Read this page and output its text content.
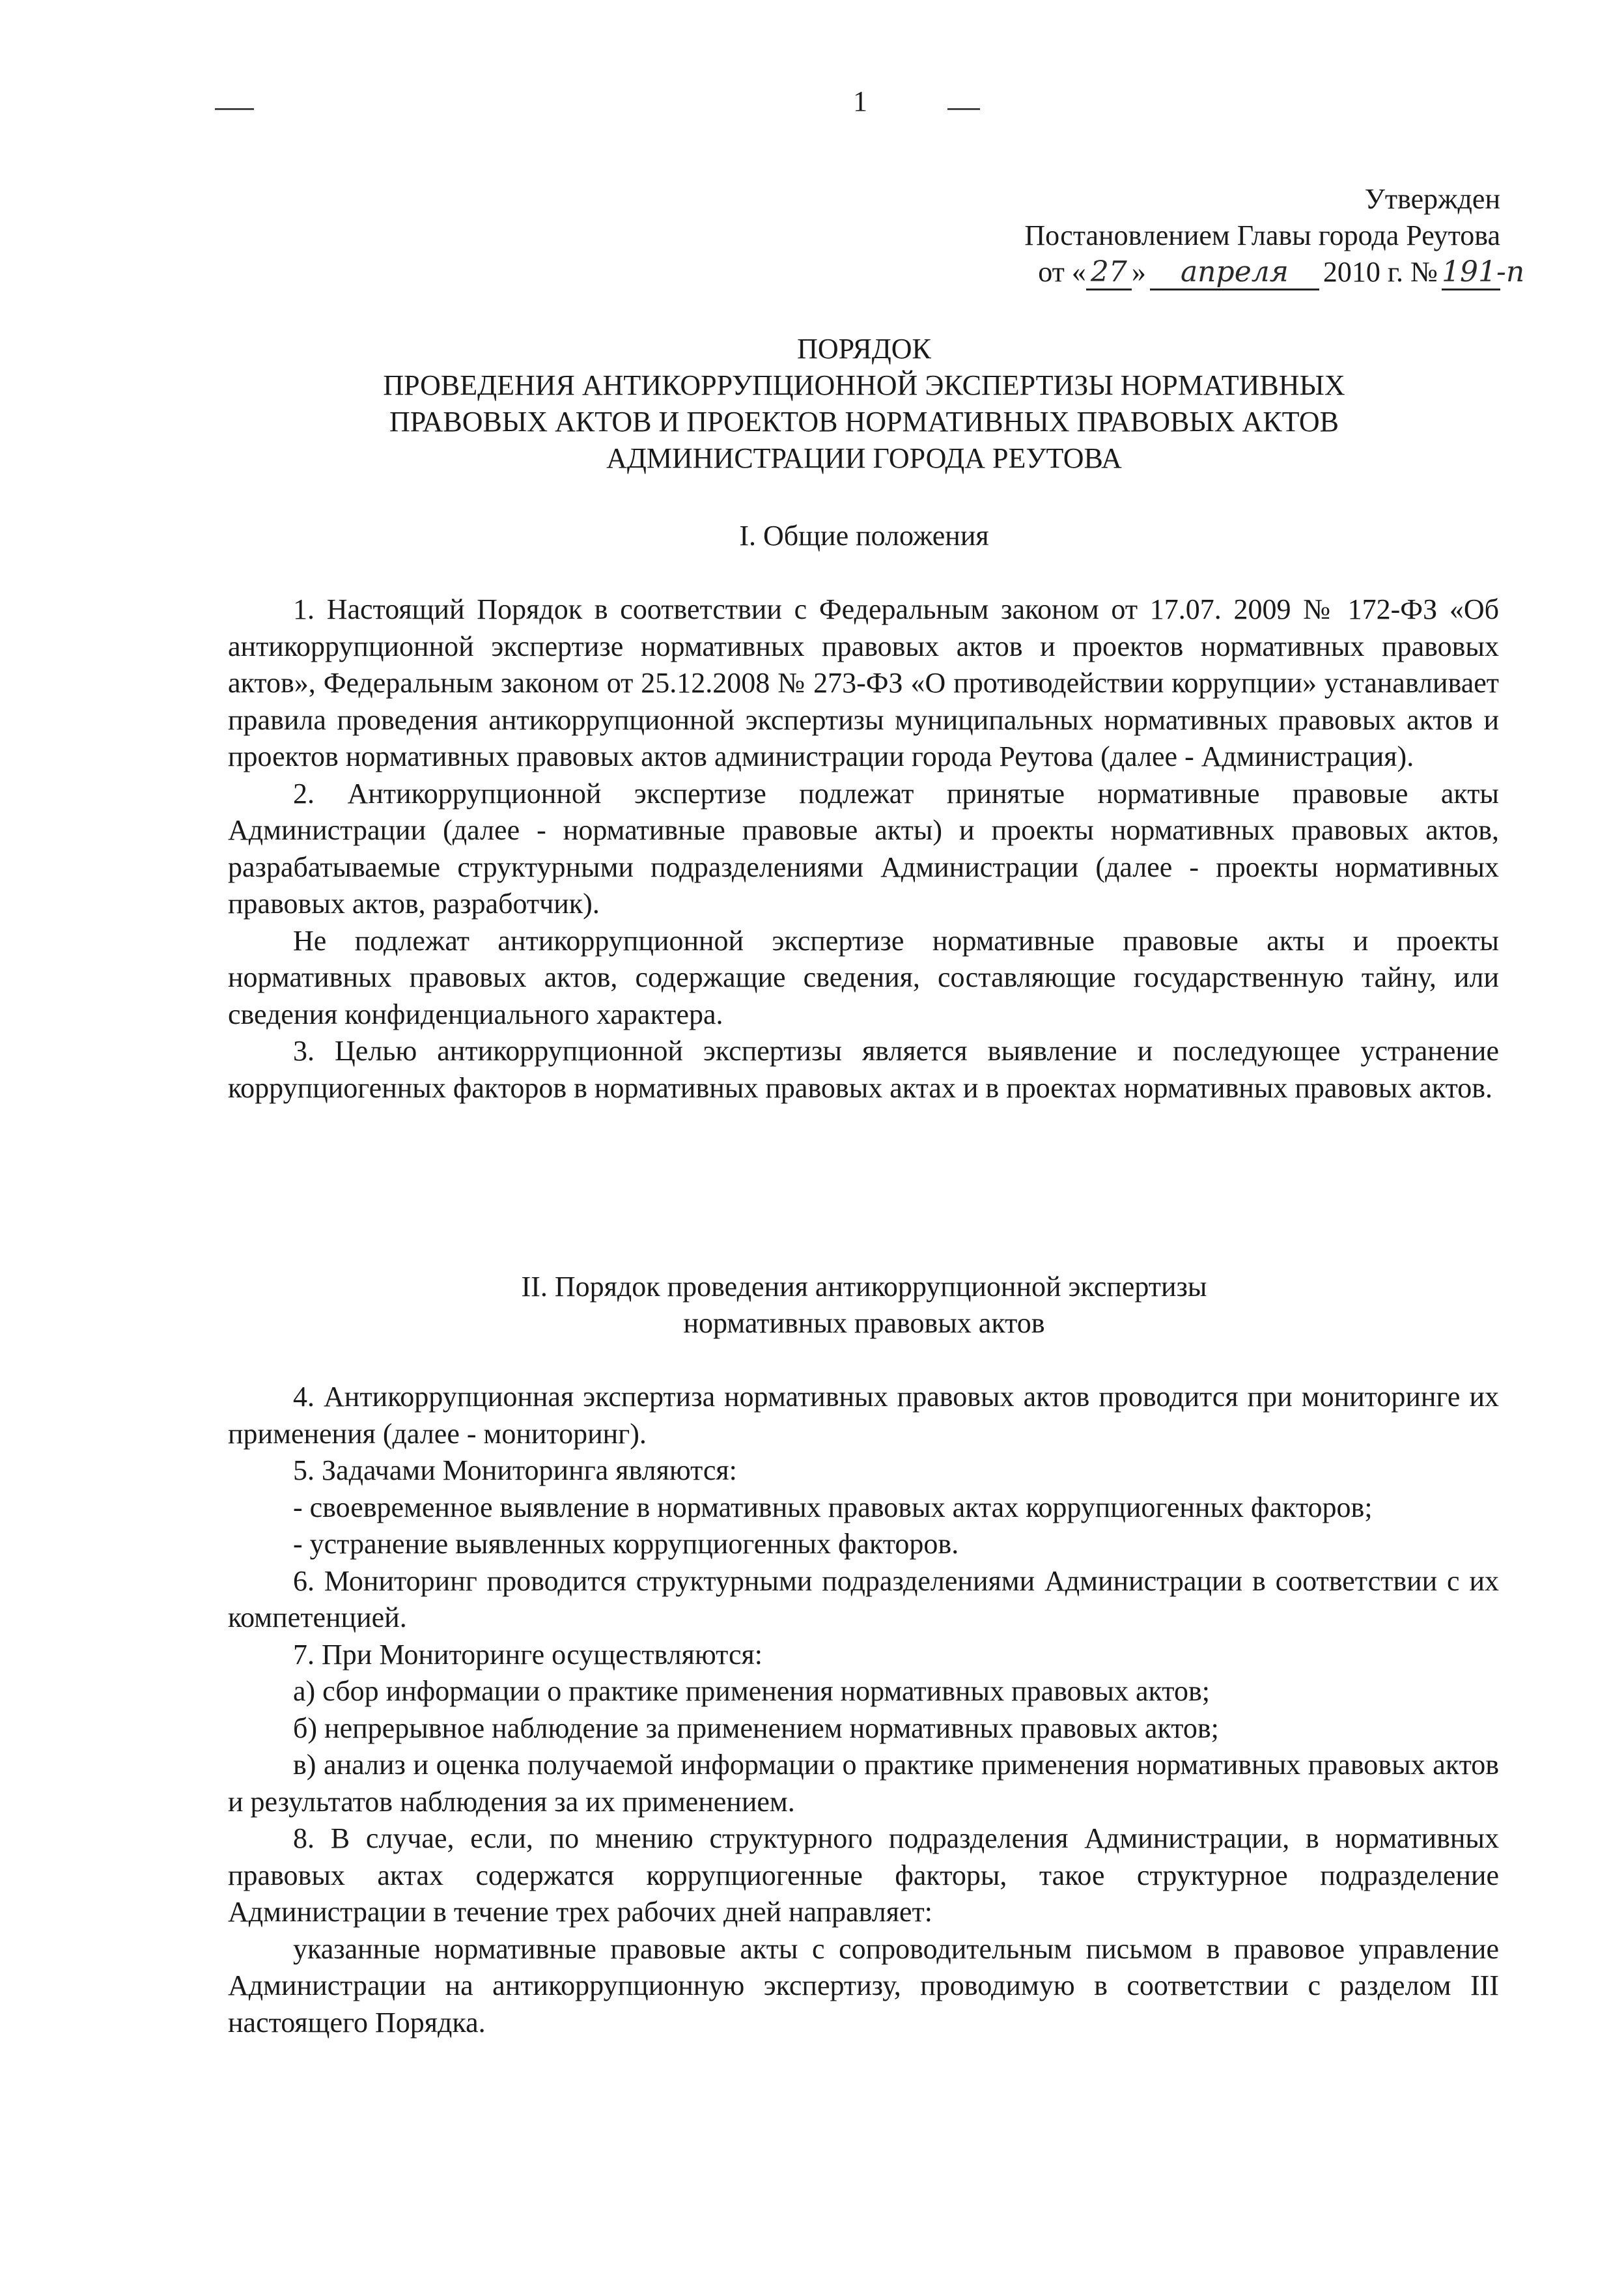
1
Утвержден
Постановлением Главы города Реутова
от « 27 » апреля 2010 г. № 191-п
ПОРЯДОК
ПРОВЕДЕНИЯ АНТИКОРРУПЦИОННОЙ ЭКСПЕРТИЗЫ НОРМАТИВНЫХ
ПРАВОВЫХ АКТОВ И ПРОЕКТОВ НОРМАТИВНЫХ ПРАВОВЫХ АКТОВ
АДМИНИСТРАЦИИ ГОРОДА РЕУТОВА
I. Общие положения

1. Настоящий Порядок в соответствии с Федеральным законом от 17.07. 2009 № 172-ФЗ «Об антикоррупционной экспертизе нормативных правовых актов и проектов нормативных правовых актов», Федеральным законом от 25.12.2008 № 273-ФЗ «О противодействии коррупции» устанавливает правила проведения антикоррупционной экспертизы муниципальных нормативных правовых актов и проектов нормативных правовых актов администрации города Реутова (далее - Администрация).

2. Антикоррупционной экспертизе подлежат принятые нормативные правовые акты Администрации (далее - нормативные правовые акты) и проекты нормативных правовых актов, разрабатываемые структурными подразделениями Администрации (далее - проекты нормативных правовых актов, разработчик).

Не подлежат антикоррупционной экспертизе нормативные правовые акты и проекты нормативных правовых актов, содержащие сведения, составляющие государственную тайну, или сведения конфиденциального характера.

3. Целью антикоррупционной экспертизы является выявление и последующее устранение коррупциогенных факторов в нормативных правовых актах и в проектах нормативных правовых актов.

II. Порядок проведения антикоррупционной экспертизы
нормативных правовых актов

4. Антикоррупционная экспертиза нормативных правовых актов проводится при мониторинге их применения (далее - мониторинг).

5. Задачами Мониторинга являются:

- своевременное выявление в нормативных правовых актах коррупциогенных факторов;

- устранение выявленных коррупциогенных факторов.

6. Мониторинг проводится структурными подразделениями Администрации в соответствии с их компетенцией.

7. При Мониторинге осуществляются:

а) сбор информации о практике применения нормативных правовых актов;

б) непрерывное наблюдение за применением нормативных правовых актов;

в) анализ и оценка получаемой информации о практике применения нормативных правовых актов и результатов наблюдения за их применением.

8. В случае, если, по мнению структурного подразделения Администрации, в нормативных правовых актах содержатся коррупциогенные факторы, такое структурное подразделение Администрации в течение трех рабочих дней направляет:

указанные нормативные правовые акты с сопроводительным письмом в правовое управление Администрации на антикоррупционную экспертизу, проводимую в соответствии с разделом III настоящего Порядка.
